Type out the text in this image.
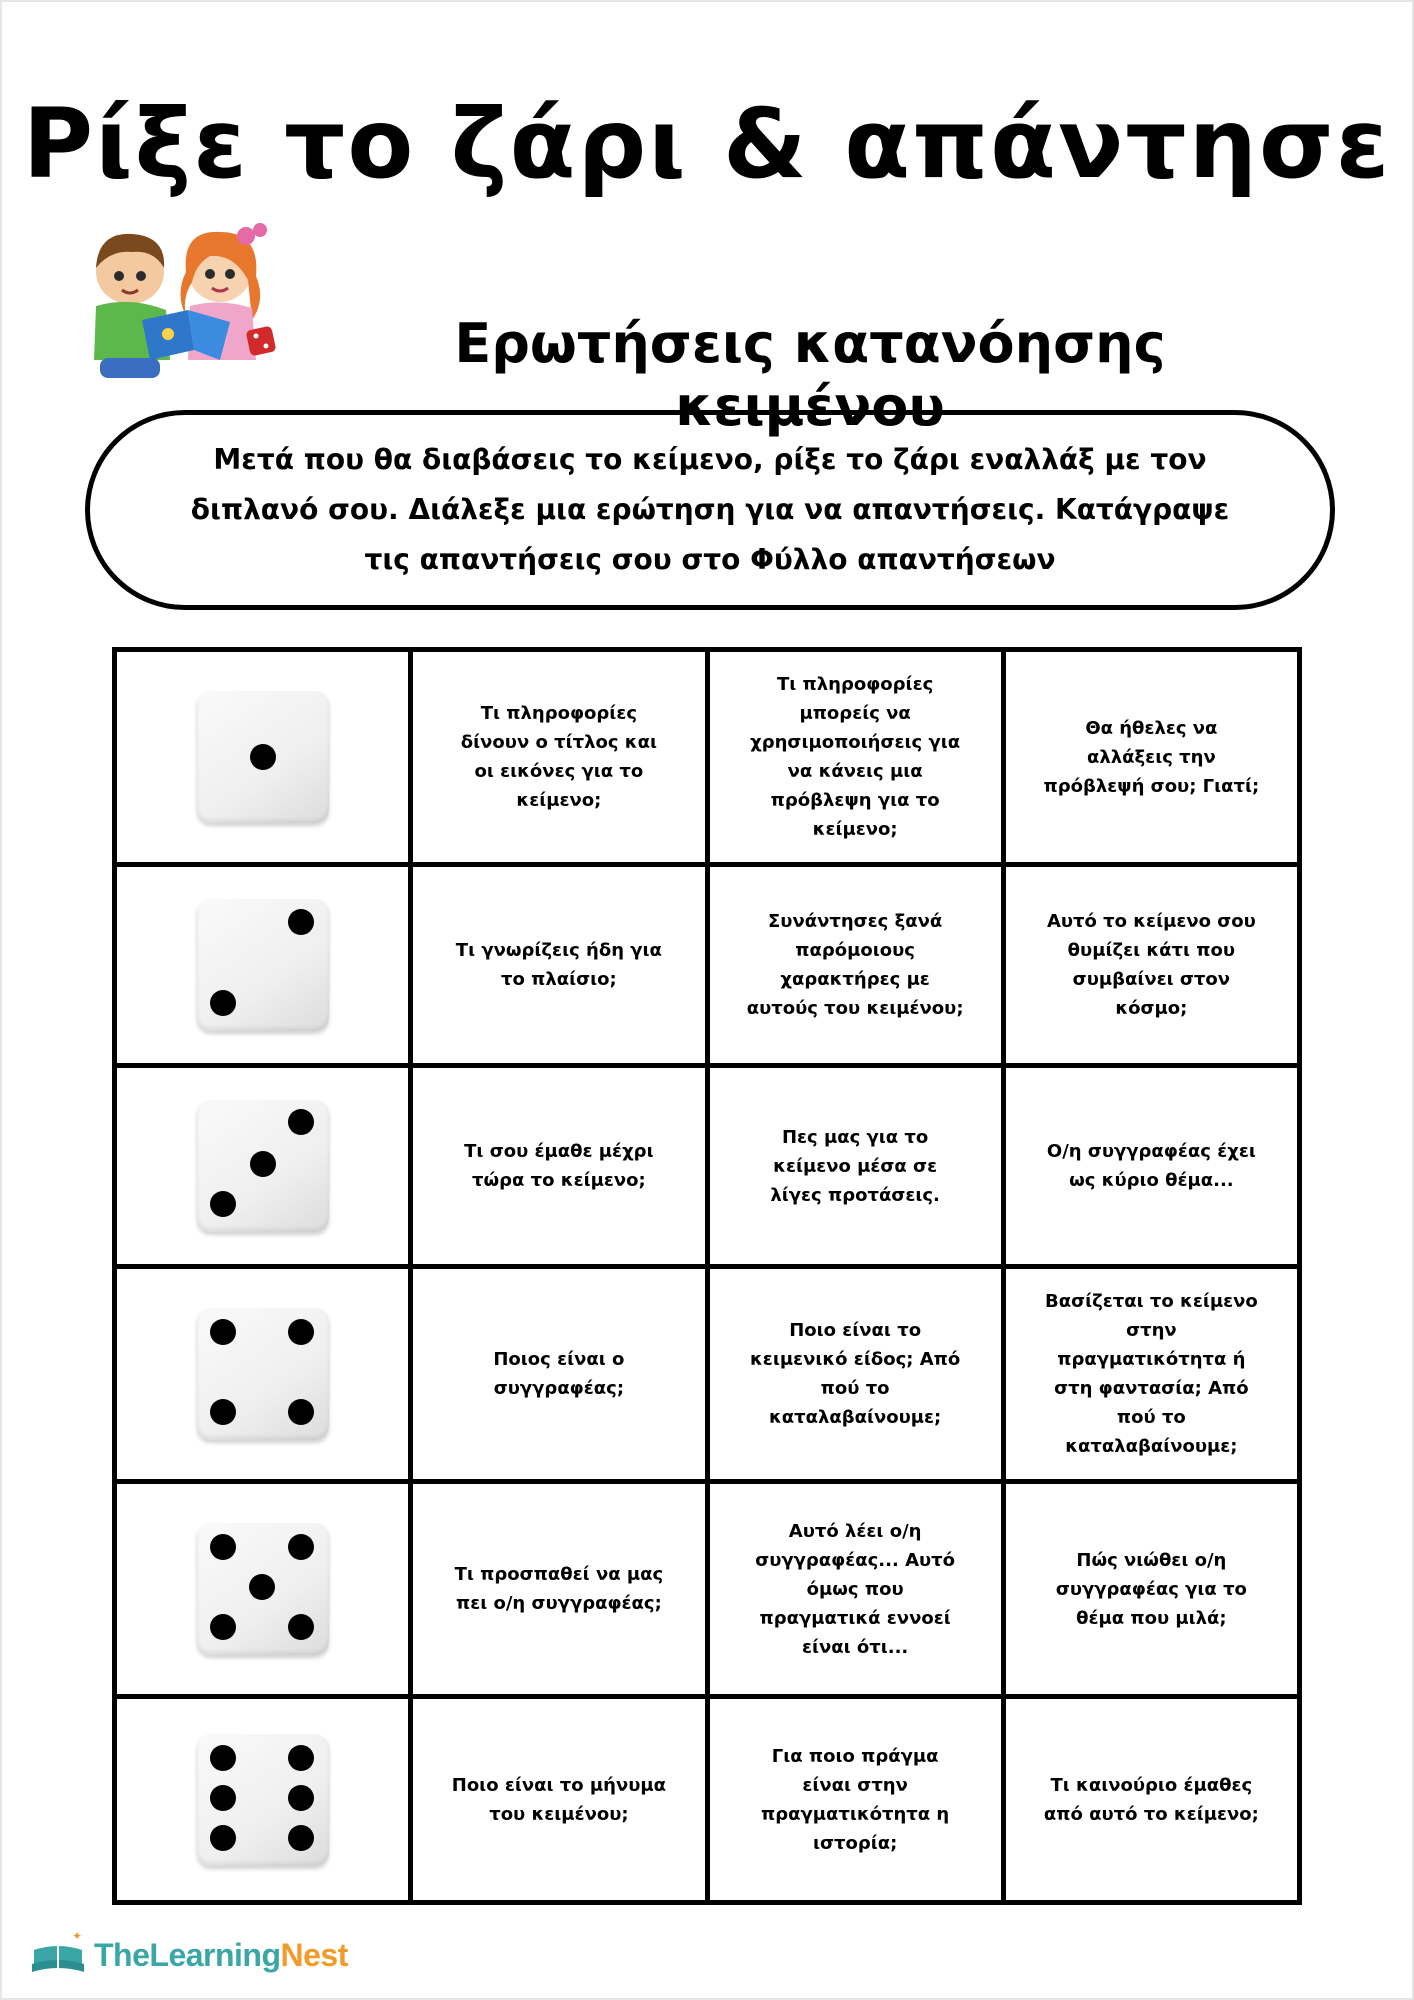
Ρίξε το ζάρι & απάντησε
Ερωτήσεις κατανόησης κειμένου

Μετά που θα διαβάσεις το κείμενο, ρίξε το ζάρι εναλλάξ με τον διπλανό σου. Διάλεξε μια ερώτηση για να απαντήσεις. Κατάγραψε τις απαντήσεις σου στο Φύλλο απαντήσεων

	Τι πληροφορίες δίνουν ο τίτλος και οι εικόνες για το κείμενο;	Τι πληροφορίες μπορείς να χρησιμοποιήσεις για να κάνεις μια πρόβλεψη για το κείμενο;	Θα ήθελες να αλλάξεις την πρόβλεψή σου; Γιατί;

	Τι γνωρίζεις ήδη για το πλαίσιο;	Συνάντησες ξανά παρόμοιους χαρακτήρες με αυτούς του κειμένου;	Αυτό το κείμενο σου θυμίζει κάτι που συμβαίνει στον κόσμο;

	Τι σου έμαθε μέχρι τώρα το κείμενο;	Πες μας για το κείμενο μέσα σε λίγες προτάσεις.	Ο/η συγγραφέας έχει ως κύριο θέμα...

	Ποιος είναι ο συγγραφέας;	Ποιο είναι το κειμενικό είδος; Από πού το καταλαβαίνουμε;	Βασίζεται το κείμενο στην πραγματικότητα ή στη φαντασία; Από πού το καταλαβαίνουμε;

	Τι προσπαθεί να μας πει ο/η συγγραφέας;	Αυτό λέει ο/η συγγραφέας... Αυτό όμως που πραγματικά εννοεί είναι ότι...	Πώς νιώθει ο/η συγγραφέας για το θέμα που μιλά;

	Ποιο είναι το μήνυμα του κειμένου;	Για ποιο πράγμα είναι στην πραγματικότητα η ιστορία;	Τι καινούριο έμαθες από αυτό το κείμενο;
✦
TheLearningNest
